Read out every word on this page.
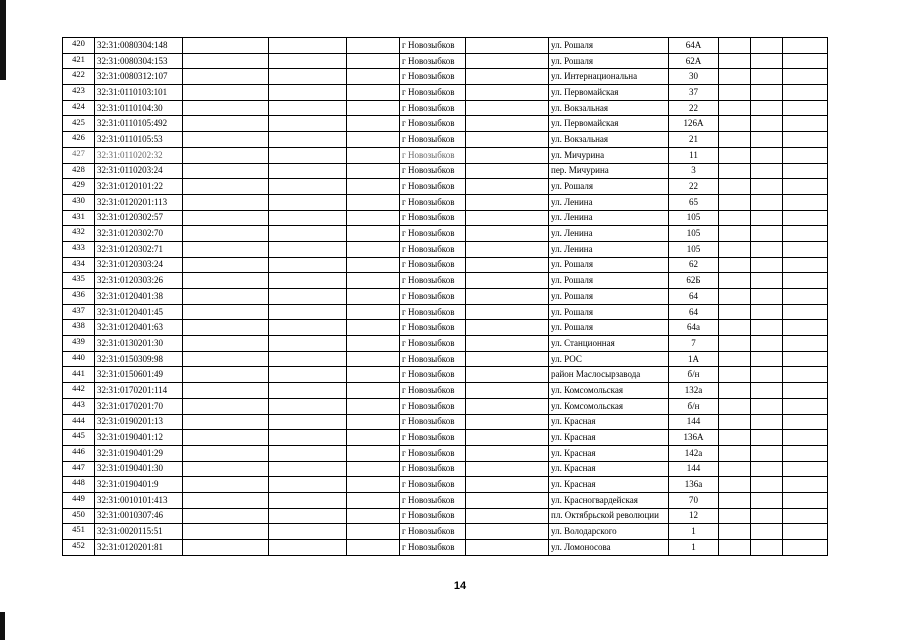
420	32:31:0080304:148				г Новозыбков		ул. Рошаля	64А			
421	32:31:0080304:153				г Новозыбков		ул. Рошаля	62А			
422	32:31:0080312:107				г Новозыбков		ул. Интернациональна	30			
423	32:31:0110103:101				г Новозыбков		ул. Первомайская	37			
424	32:31:0110104:30				г Новозыбков		ул. Вокзальная	22			
425	32:31:0110105:492				г Новозыбков		ул. Первомайская	126А			
426	32:31:0110105:53				г Новозыбков		ул. Вокзальная	21			
427	32:31:0110202:32				г Новозыбков		ул. Мичурина	11			
428	32:31:0110203:24				г Новозыбков		пер. Мичурина	3			
429	32:31:0120101:22				г Новозыбков		ул. Рошаля	22			
430	32:31:0120201:113				г Новозыбков		ул. Ленина	65			
431	32:31:0120302:57				г Новозыбков		ул. Ленина	105			
432	32:31:0120302:70				г Новозыбков		ул. Ленина	105			
433	32:31:0120302:71				г Новозыбков		ул. Ленина	105			
434	32:31:0120303:24				г Новозыбков		ул. Рошаля	62			
435	32:31:0120303:26				г Новозыбков		ул. Рошаля	62Б			
436	32:31:0120401:38				г Новозыбков		ул. Рошаля	64			
437	32:31:0120401:45				г Новозыбков		ул. Рошаля	64			
438	32:31:0120401:63				г Новозыбков		ул. Рошаля	64а			
439	32:31:0130201:30				г Новозыбков		ул. Станционная	7			
440	32:31:0150309:98				г Новозыбков		ул. РОС	1А			
441	32:31:0150601:49				г Новозыбков		район Маслосырзавода	б/н			
442	32:31:0170201:114				г Новозыбков		ул. Комсомольская	132а			
443	32:31:0170201:70				г Новозыбков		ул. Комсомольская	б/н			
444	32:31:0190201:13				г Новозыбков		ул. Красная	144			
445	32:31:0190401:12				г Новозыбков		ул. Красная	136А			
446	32:31:0190401:29				г Новозыбков		ул. Красная	142а			
447	32:31:0190401:30				г Новозыбков		ул. Красная	144			
448	32:31:0190401:9				г Новозыбков		ул. Красная	136а			
449	32:31:0010101:413				г Новозыбков		ул. Красногвардейская	70			
450	32:31:0010307:46				г Новозыбков		пл. Октябрьской революции	12			
451	32:31:0020115:51				г Новозыбков		ул. Володарского	1			
452	32:31:0120201:81				г Новозыбков		ул. Ломоносова	1			
14
